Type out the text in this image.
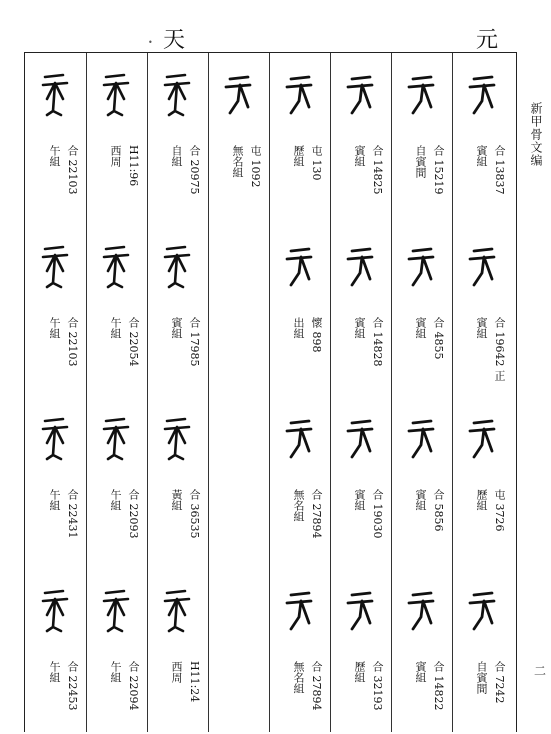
天
•	元
合 22103
午組
合 22103
午組
合 22431
午組
合 22453
午組
H11:96
西周
合 22054
午組
合 22093
午組
合 22094
午組
合 20975
自組
合 17985
賓組
合 36535
黃組
H11:24
西周
屯 1092
無名組	屯 130
歷組
懷 898
出組
合 27894
無名組
合 27894
無名組
合 14825
賓組
合 14828
賓組
合 19030
賓組
合 32193
歷組
合 15219
自賓間
合 4855
賓組
合 5856
賓組
合 14822
賓組
合 13837
賓組
合 19642 正
賓組
屯 3726
歷組
合 7242
自賓間
新甲骨文编
二
